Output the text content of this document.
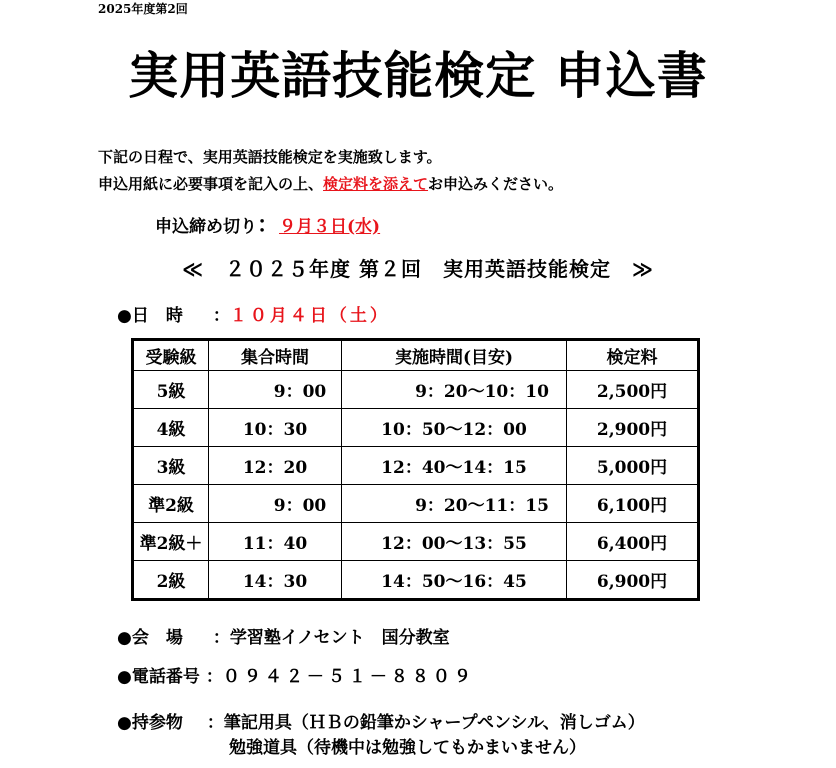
2025年度第2回
実用英語技能検定 申込書
下記の日程で、実用英語技能検定を実施致します。
申込用紙に必要事項を記入の上、検定料を添えてお申込みください。
申込締め切り：９月３日(水)
≪　２０２５年度 第２回　実用英語技能検定　≫
●日　時 ：１０月４日（土）
受験級	集合時間	実施時間(目安)	検定料
5級	9：00	9：20～10：10	2,500円
4級	10：30	10：50～12：00	2,900円
3級	12：20	12：40～14：15	5,000円
準2級	9：00	9：20～11：15	6,100円
準2級＋	11：40	12：00～13：55	6,400円
2級	14：30	14：50～16：45	6,900円
●会　場 ：学習塾イノセント　国分教室
●電話番号 ：０９４２－５１－８８０９
●持参物 ：筆記用具（ＨＢの鉛筆かシャープペンシル、消しゴム）
勉強道具（待機中は勉強してもかまいません）
